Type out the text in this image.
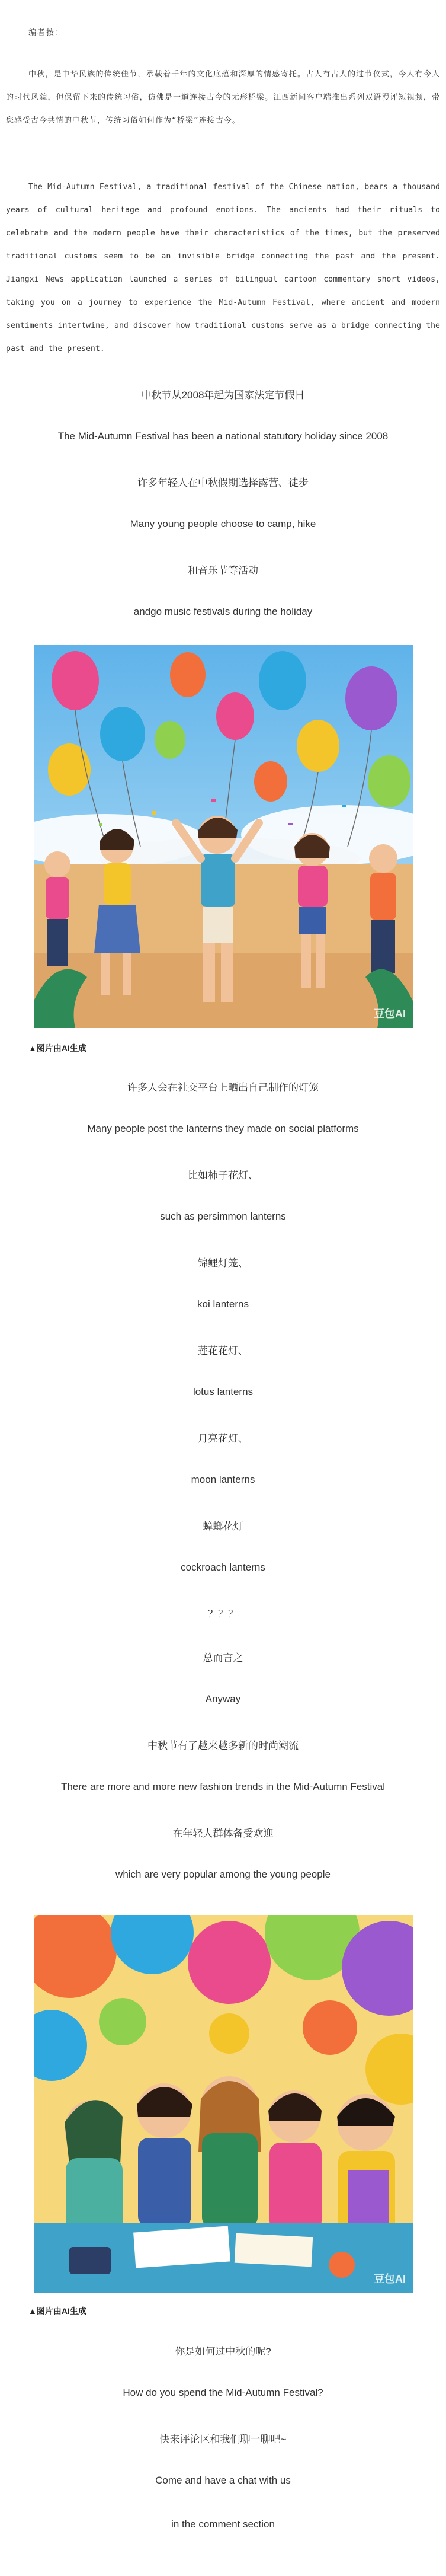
编者按：

中秋，是中华民族的传统佳节，承载着千年的文化底蕴和深厚的情感寄托。古人有古人的过节仪式，今人有今人的时代风貌，但保留下来的传统习俗，仿佛是一道连接古今的无形桥梁。江西新闻客户端推出系列双语漫评短视频，带您感受古今共情的中秋节，传统习俗如何作为“桥梁”连接古今。

The Mid-Autumn Festival, a traditional festival of the Chinese nation, bears a thousand years of cultural heritage and profound emotions. The ancients had their rituals to celebrate and the modern people have their characteristics of the times, but the preserved traditional customs seem to be an invisible bridge connecting the past and the present. Jiangxi News application launched a series of bilingual cartoon commentary short videos, taking you on a journey to experience the Mid-Autumn Festival, where ancient and modern sentiments intertwine, and discover how traditional customs serve as a bridge connecting the past and the present.

中秋节从2008年起为国家法定节假日
The Mid-Autumn Festival has been a national statutory holiday since 2008
许多年轻人在中秋假期选择露营、徒步
Many young people choose to camp, hike
和音乐节等活动
andgo music festivals during the holiday
豆包AI
▲图片由AI生成
许多人会在社交平台上晒出自己制作的灯笼
Many people post the lanterns they made on social platforms
比如柿子花灯、
such as persimmon lanterns
锦鲤灯笼、
koi lanterns
莲花花灯、
lotus lanterns
月亮花灯、
moon lanterns
蟑螂花灯
cockroach lanterns
？？？
总而言之
Anyway
中秋节有了越来越多新的时尚潮流
There are more and more new fashion trends in the Mid-Autumn Festival
在年轻人群体备受欢迎
which are very popular among the young people
豆包AI
▲图片由AI生成
你是如何过中秋的呢?
How do you spend the Mid-Autumn Festival?
快来评论区和我们聊一聊吧~
Come and have a chat with us
in the comment section
